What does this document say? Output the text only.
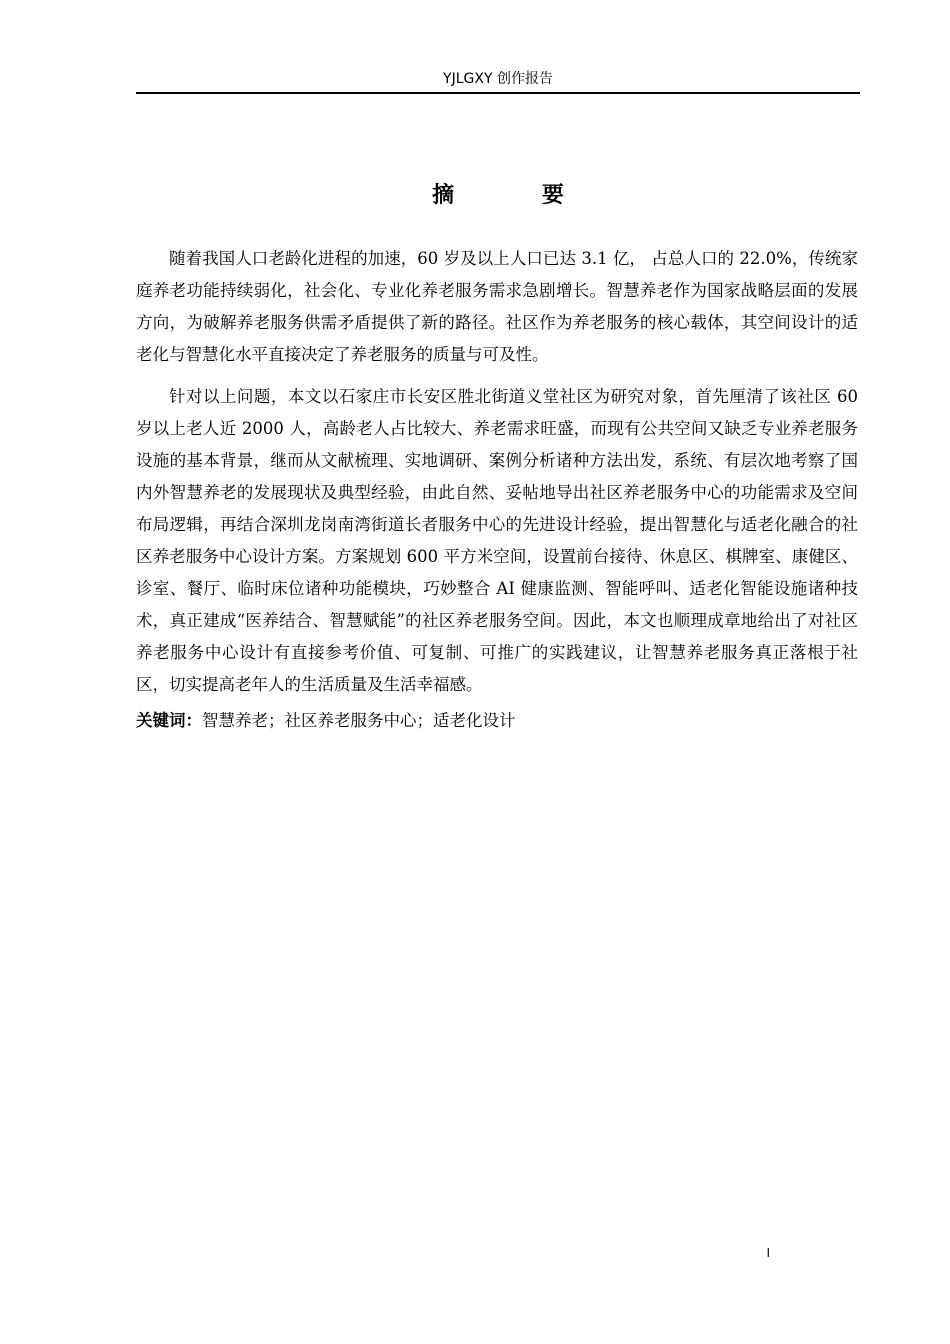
YJLGXY 创作报告
摘 要

随着我国人口老龄化进程的加速，60 岁及以上人口已达 3.1 亿， 占总人口的 22.0%，传统家庭养老功能持续弱化，社会化、专业化养老服务需求急剧增长。智慧养老作为国家战略层面的发展方向，为破解养老服务供需矛盾提供了新的路径。社区作为养老服务的核心载体，其空间设计的适老化与智慧化水平直接决定了养老服务的质量与可及性。

针对以上问题，本文以石家庄市长安区胜北街道义堂社区为研究对象，首先厘清了该社区 60 岁以上老人近 2000 人，高龄老人占比较大、养老需求旺盛，而现有公共空间又缺乏专业养老服务设施的基本背景，继而从文献梳理、实地调研、案例分析诸种方法出发，系统、有层次地考察了国内外智慧养老的发展现状及典型经验，由此自然、妥帖地导出社区养老服务中心的功能需求及空间布局逻辑，再结合深圳龙岗南湾街道长者服务中心的先进设计经验，提出智慧化与适老化融合的社区养老服务中心设计方案。方案规划 600 平方米空间，设置前台接待、休息区、棋牌室、康健区、诊室、餐厅、临时床位诸种功能模块，巧妙整合 AI 健康监测、智能呼叫、适老化智能设施诸种技术，真正建成“医养结合、智慧赋能”的社区养老服务空间。因此，本文也顺理成章地给出了对社区养老服务中心设计有直接参考价值、可复制、可推广的实践建议，让智慧养老服务真正落根于社区，切实提高老年人的生活质量及生活幸福感。

关键词：智慧养老；社区养老服务中心；适老化设计
I
